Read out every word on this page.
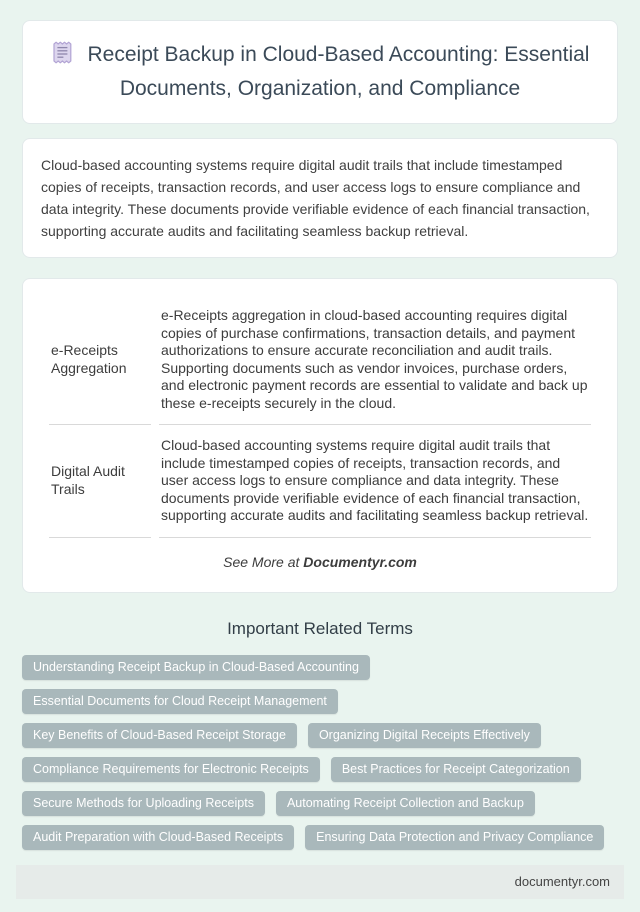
Receipt Backup in Cloud-Based Accounting: Essential Documents, Organization, and Compliance

Cloud-based accounting systems require digital audit trails that include timestamped copies of receipts, transaction records, and user access logs to ensure compliance and data integrity. These documents provide verifiable evidence of each financial transaction, supporting accurate audits and facilitating seamless backup retrieval.

e-Receipts Aggregation	e-Receipts aggregation in cloud-based accounting requires digital copies of purchase confirmations, transaction details, and payment authorizations to ensure accurate reconciliation and audit trails. Supporting documents such as vendor invoices, purchase orders, and electronic payment records are essential to validate and back up these e-receipts securely in the cloud.
Digital Audit Trails	Cloud-based accounting systems require digital audit trails that include timestamped copies of receipts, transaction records, and user access logs to ensure compliance and data integrity. These documents provide verifiable evidence of each financial transaction, supporting accurate audits and facilitating seamless backup retrieval.
See More at Documentyr.com
Important Related Terms
Understanding Receipt Backup in Cloud-Based Accounting
Essential Documents for Cloud Receipt Management
Key Benefits of Cloud-Based Receipt Storage	Organizing Digital Receipts Effectively
Compliance Requirements for Electronic Receipts	Best Practices for Receipt Categorization
Secure Methods for Uploading Receipts	Automating Receipt Collection and Backup
Audit Preparation with Cloud-Based Receipts	Ensuring Data Protection and Privacy Compliance
documentyr.com
